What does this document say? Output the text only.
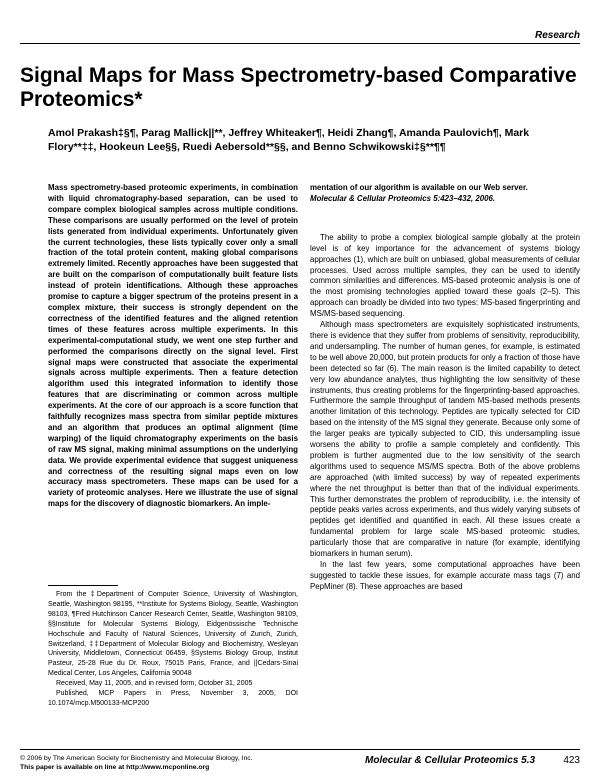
Research
Signal Maps for Mass Spectrometry-based Comparative Proteomics*
Amol Prakash‡§¶, Parag Mallick||**, Jeffrey Whiteaker¶, Heidi Zhang¶, Amanda Paulovich¶, Mark Flory**‡‡, Hookeun Lee§§, Ruedi Aebersold**§§, and Benno Schwikowski‡§**¶¶
Mass spectrometry-based proteomic experiments, in combination with liquid chromatography-based separation, can be used to compare complex biological samples across multiple conditions. These comparisons are usually performed on the level of protein lists generated from individual experiments. Unfortunately given the current technologies, these lists typically cover only a small fraction of the total protein content, making global comparisons extremely limited. Recently approaches have been suggested that are built on the comparison of computationally built feature lists instead of protein identifications. Although these approaches promise to capture a bigger spectrum of the proteins present in a complex mixture, their success is strongly dependent on the correctness of the identified features and the aligned retention times of these features across multiple experiments. In this experimental-computational study, we went one step further and performed the comparisons directly on the signal level. First signal maps were constructed that associate the experimental signals across multiple experiments. Then a feature detection algorithm used this integrated information to identify those features that are discriminating or common across multiple experiments. At the core of our approach is a score function that faithfully recognizes mass spectra from similar peptide mixtures and an algorithm that produces an optimal alignment (time warping) of the liquid chromatography experiments on the basis of raw MS signal, making minimal assumptions on the underlying data. We provide experimental evidence that suggest uniqueness and correctness of the resulting signal maps even on low accuracy mass spectrometers. These maps can be used for a variety of proteomic analyses. Here we illustrate the use of signal maps for the discovery of diagnostic biomarkers. An imple-
mentation of our algorithm is available on our Web server.
Molecular & Cellular Proteomics 5:423–432, 2006.

The ability to probe a complex biological sample globally at the protein level is of key importance for the advancement of systems biology approaches (1), which are built on unbiased, global measurements of cellular processes. Used across multiple samples, they can be used to identify common similarities and differences. MS-based proteomic analysis is one of the most promising technologies applied toward these goals (2–5). This approach can broadly be divided into two types: MS-based fingerprinting and MS/MS-based sequencing.

Although mass spectrometers are exquisitely sophisticated instruments, there is evidence that they suffer from problems of sensitivity, reproducibility, and undersampling. The number of human genes, for example, is estimated to be well above 20,000, but protein products for only a fraction of those have been detected so far (6). The main reason is the limited capability to detect very low abundance analytes, thus highlighting the low sensitivity of these instruments, thus creating problems for the fingerprinting-based approaches. Furthermore the sample throughput of tandem MS-based methods presents another limitation of this technology. Peptides are typically selected for CID based on the intensity of the MS signal they generate. Because only some of the larger peaks are typically subjected to CID, this undersampling issue worsens the ability to profile a sample completely and confidently. This problem is further augmented due to the low sensitivity of the search algorithms used to sequence MS/MS spectra. Both of the above problems are approached (with limited success) by way of repeated experiments where the net throughput is better than that of the individual experiments. This further demonstrates the problem of reproducibility, i.e. the intensity of peptide peaks varies across experiments, and thus widely varying subsets of peptides get identified and quantified in each. All these issues create a fundamental problem for large scale MS-based proteomic studies, particularly those that are comparative in nature (for example, identifying biomarkers in human serum).

In the last few years, some computational approaches have been suggested to tackle these issues, for example accurate mass tags (7) and PepMiner (8). These approaches are based

From the ‡Department of Computer Science, University of Washington, Seattle, Washington 98195, **Institute for Systems Biology, Seattle, Washington 98103, ¶Fred Hutchinson Cancer Research Center, Seattle, Washington 98109, §§Institute for Molecular Systems Biology, Eidgenössische Technische Hochschule and Faculty of Natural Sciences, University of Zurich, Zurich, Switzerland, ‡‡Department of Molecular Biology and Biochemistry, Wesleyan University, Middletown, Connecticut 06459, §Systems Biology Group, Institut Pasteur, 25-28 Rue du Dr. Roux, 75015 Paris, France, and ||Cedars-Sinai Medical Center, Los Angeles, California 90048

Received, May 11, 2005, and in revised form, October 31, 2005

Published, MCP Papers in Press, November 3, 2005, DOI 10.1074/mcp.M500133-MCP200

© 2006 by The American Society for Biochemistry and Molecular Biology, Inc.
This paper is available on line at http://www.mcponline.org
Molecular & Cellular Proteomics 5.3	423
